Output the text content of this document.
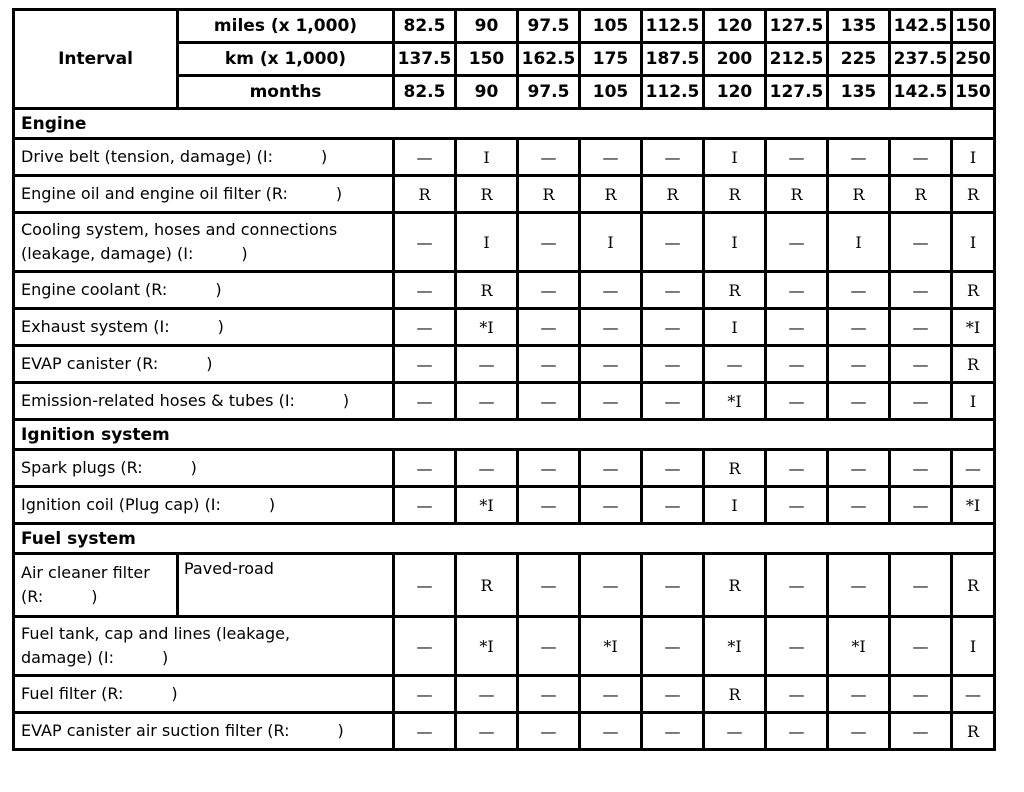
Interval	miles (x 1,000)	82.5	90	97.5	105	112.5	120	127.5	135	142.5	150
	km (x 1,000)	137.5	150	162.5	175	187.5	200	212.5	225	237.5	250
	months	82.5	90	97.5	105	112.5	120	127.5	135	142.5	150
Engine											
Drive belt (tension, damage) (I: )		—	I	—	—	—	I	—	—	—	I
Engine oil and engine oil filter (R: )		R	R	R	R	R	R	R	R	R	R
Cooling system, hoses and connections
(leakage, damage) (I: )		—	I	—	I	—	I	—	I	—	I
Engine coolant (R: )		—	R	—	—	—	R	—	—	—	R
Exhaust system (I: )		—	*I	—	—	—	I	—	—	—	*I
EVAP canister (R: )		—	—	—	—	—	—	—	—	—	R
Emission-related hoses & tubes (I: )		—	—	—	—	—	*I	—	—	—	I
Ignition system											
Spark plugs (R: )		—	—	—	—	—	R	—	—	—	—
Ignition coil (Plug cap) (I: )		—	*I	—	—	—	I	—	—	—	*I
Fuel system											
Air cleaner filter
(R: )	Paved-road	—	R	—	—	—	R	—	—	—	R
Fuel tank, cap and lines (leakage,
damage) (I: )		—	*I	—	*I	—	*I	—	*I	—	I
Fuel filter (R: )		—	—	—	—	—	R	—	—	—	—
EVAP canister air suction filter (R: )		—	—	—	—	—	—	—	—	—	R
